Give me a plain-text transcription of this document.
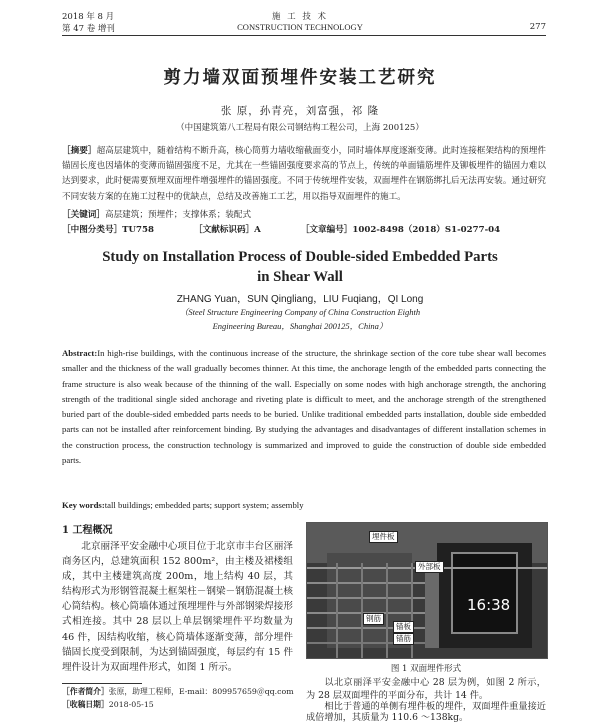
2018 年 8 月
第 47 卷 增刊
施 工 技 术
CONSTRUCTION TECHNOLOGY	277
剪力墙双面预埋件安装工艺研究
张 原，孙青亮，刘富强，祁 隆
（中国建筑第八工程局有限公司钢结构工程公司，上海 200125）
［摘要］超高层建筑中，随着结构不断升高，核心筒剪力墙收缩截面变小，同时墙体厚度逐渐变薄。此时连接框架结构的预埋件锚固长度也因墙体的变薄而锚固强度不足，尤其在一些锚固强度要求高的节点上，传统的单面锚筋埋件及铆板埋件的锚固力难以达到要求，此时便需要预埋双面埋件增强埋件的锚固强度。不同于传统埋件安装，双面埋件在钢筋绑扎后无法再安装。通过研究不同安装方案的在施工过程中的优缺点，总结及改善施工工艺，用以指导双面埋件的施工。
［关键词］高层建筑；预埋件；支撑体系；装配式
［中图分类号］TU758	［文献标识码］A	［文章编号］1002-8498（2018）S1-0277-04
Study on Installation Process of Double-sided Embedded Parts
in Shear Wall
ZHANG Yuan，SUN Qingliang，LIU Fuqiang，QI Long
（Steel Structure Engineering Company of China Construction Eighth
Engineering Bureau，Shanghai 200125，China）
Abstract:In high-rise buildings, with the continuous increase of the structure, the shrinkage section of the core tube shear wall becomes smaller and the thickness of the wall gradually becomes thinner. At this time, the anchorage length of the embedded parts connecting the frame structure is also weak because of the thinning of the wall. Especially on some nodes with high anchorage strength, the anchoring strength of the traditional single sided anchorage and riveting plate is difficult to meet, and the anchorage strength of the strengthened buried part of the double-sided embedded parts needs to be buried. Unlike traditional embedded parts installation, double side embedded parts can not be installed after reinforcement binding. By studying the advantages and disadvantages of different installation schemes in the construction process, the construction technology is summarized and improved to guide the construction of double side embedded parts.
Key words:tall buildings; embedded parts; support system; assembly
1 工程概况
北京丽泽平安金融中心项目位于北京市丰台区丽泽商务区内，总建筑面积 152 800m²，由主楼及裙楼组成，其中主楼建筑高度 200m，地上结构 40 层，其结构形式为形钢管混凝土框架柱－钢梁－钢筋混凝土核心筒结构。核心筒墙体通过预埋埋件与外部钢梁焊接形式相连接。其中 28 层以上单层钢梁埋件平均数量为 46 件，因结构收缩，核心筒墙体逐渐变薄，部分埋件锚固长度受到限制，为达到锚固强度，每层约有 15 件埋件设计为双面埋件形式，如图 1 所示。
［作者简介］张原，助理工程师，E-mail：809957659＠qq.com
［收稿日期］2018-05-15
埋件板
外部板
钢筋
锚板
锚筋
16:38
图 1 双面埋件形式
以北京丽泽平安金融中心 28 层为例，如图 2 所示，为 28 层双面埋件的平面分布，共计 14 件。
相比于普通的单侧有埋件板的埋件，双面埋件重量接近成倍增加，其质量为 110.6 ～138kg。
